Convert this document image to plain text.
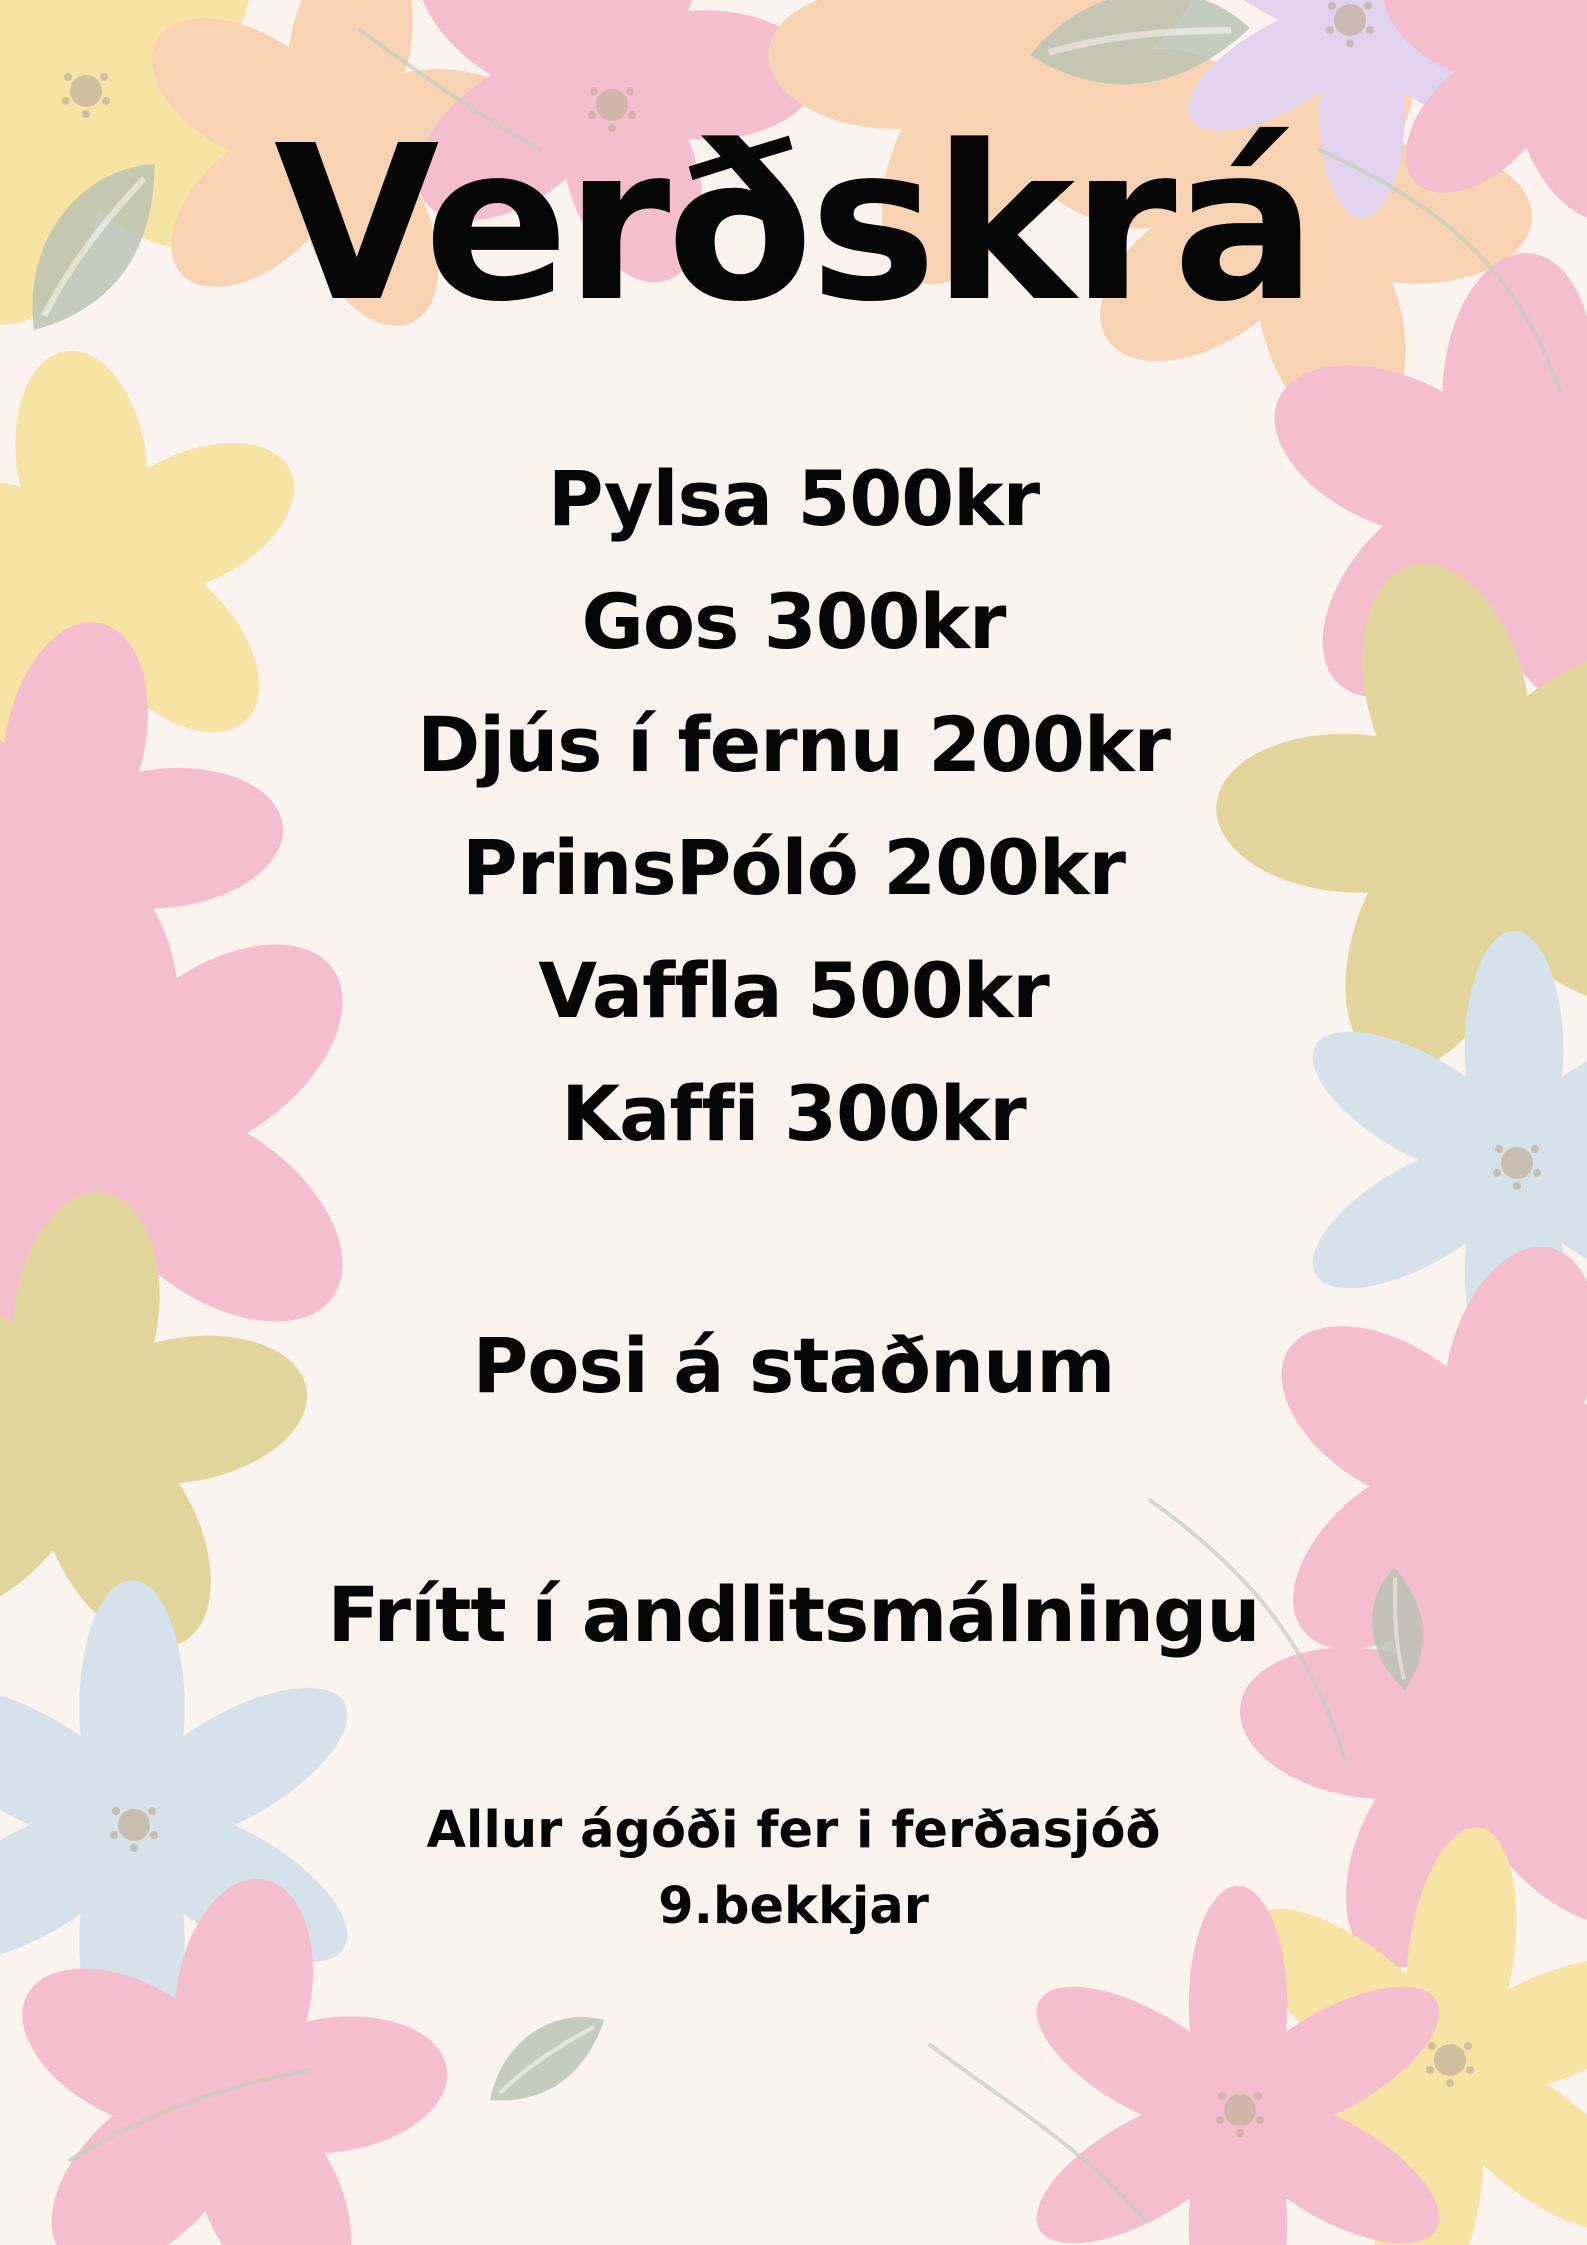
Verðskrá
Pylsa 500kr
Gos 300kr
Djús í fernu 200kr
PrinsPóló 200kr
Vaffla 500kr
Kaffi 300kr
Posi á staðnum
Frítt í andlitsmálningu
Allur ágóði fer i ferðasjóð
9.bekkjar
